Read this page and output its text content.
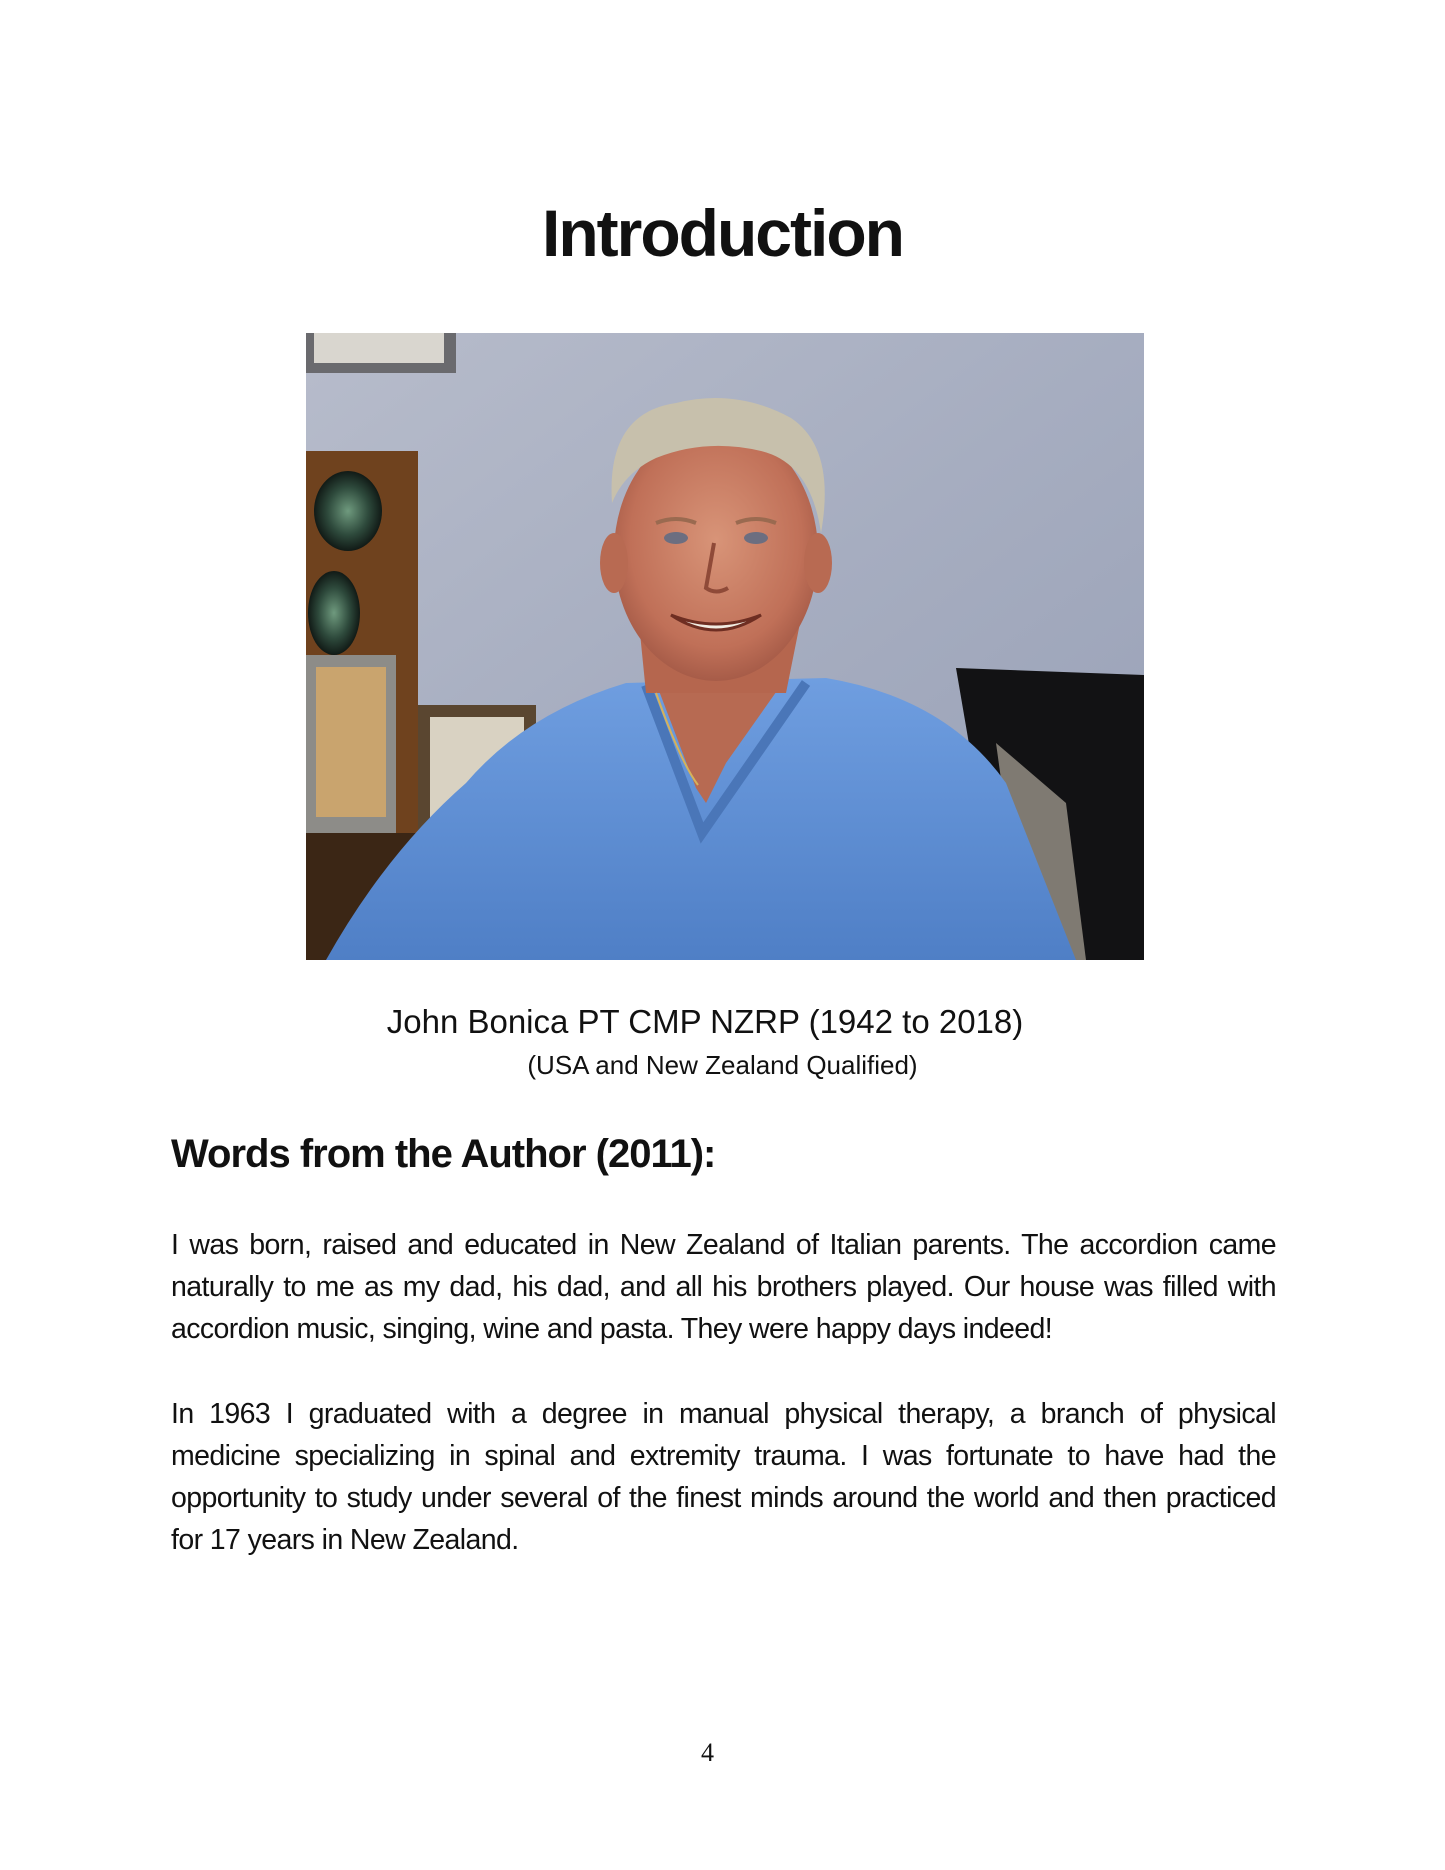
Introduction
John Bonica PT CMP NZRP (1942 to 2018)
(USA and New Zealand Qualified)
Words from the Author (2011):

I was born, raised and educated in New Zealand of Italian parents. The accordion came naturally to me as my dad, his dad, and all his brothers played. Our house was filled with accordion music, singing, wine and pasta. They were happy days indeed!

In 1963 I graduated with a degree in manual physical therapy, a branch of physical medicine specializing in spinal and extremity trauma. I was fortunate to have had the opportunity to study under several of the finest minds around the world and then practiced for 17 years in New Zealand.

4
